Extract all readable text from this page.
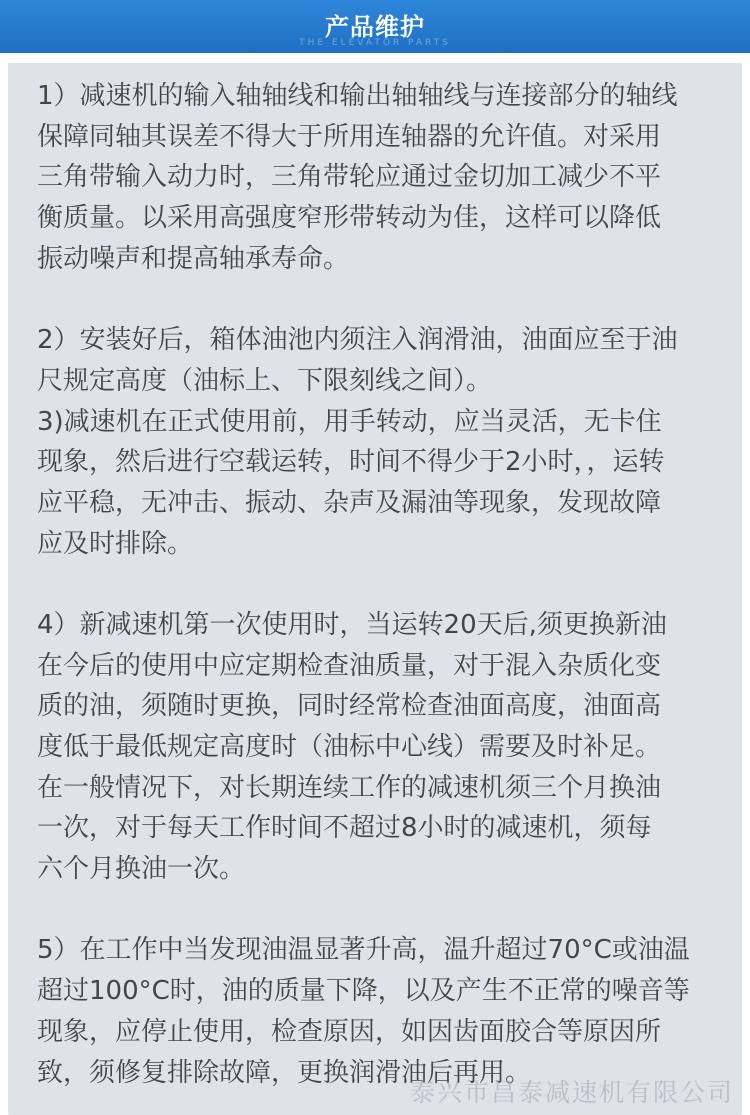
产品维护
THE ELEVATOR PARTS
1）减速机的输入轴轴线和输出轴轴线与连接部分的轴线
保障同轴其误差不得大于所用连轴器的允许值。对采用
三角带输入动力时，三角带轮应通过金切加工减少不平
衡质量。以采用高强度窄形带转动为佳，这样可以降低
振动噪声和提高轴承寿命。
2）安装好后，箱体油池内须注入润滑油，油面应至于油
尺规定高度（油标上、下限刻线之间）。
3)减速机在正式使用前，用手转动，应当灵活，无卡住
现象，然后进行空载运转，时间不得少于2小时，，运转
应平稳，无冲击、振动、杂声及漏油等现象，发现故障
应及时排除。
4）新减速机第一次使用时，当运转20天后,须更换新油
在今后的使用中应定期检查油质量，对于混入杂质化变
质的油，须随时更换，同时经常检查油面高度，油面高
度低于最低规定高度时（油标中心线）需要及时补足。
在一般情况下，对长期连续工作的减速机须三个月换油
一次，对于每天工作时间不超过8小时的减速机，须每
六个月换油一次。
5）在工作中当发现油温显著升高，温升超过70°C或油温
超过100°C时，油的质量下降，以及产生不正常的噪音等
现象，应停止使用，检查原因，如因齿面胶合等原因所
致，须修复排除故障，更换润滑油后再用。
泰兴市昌泰减速机有限公司
